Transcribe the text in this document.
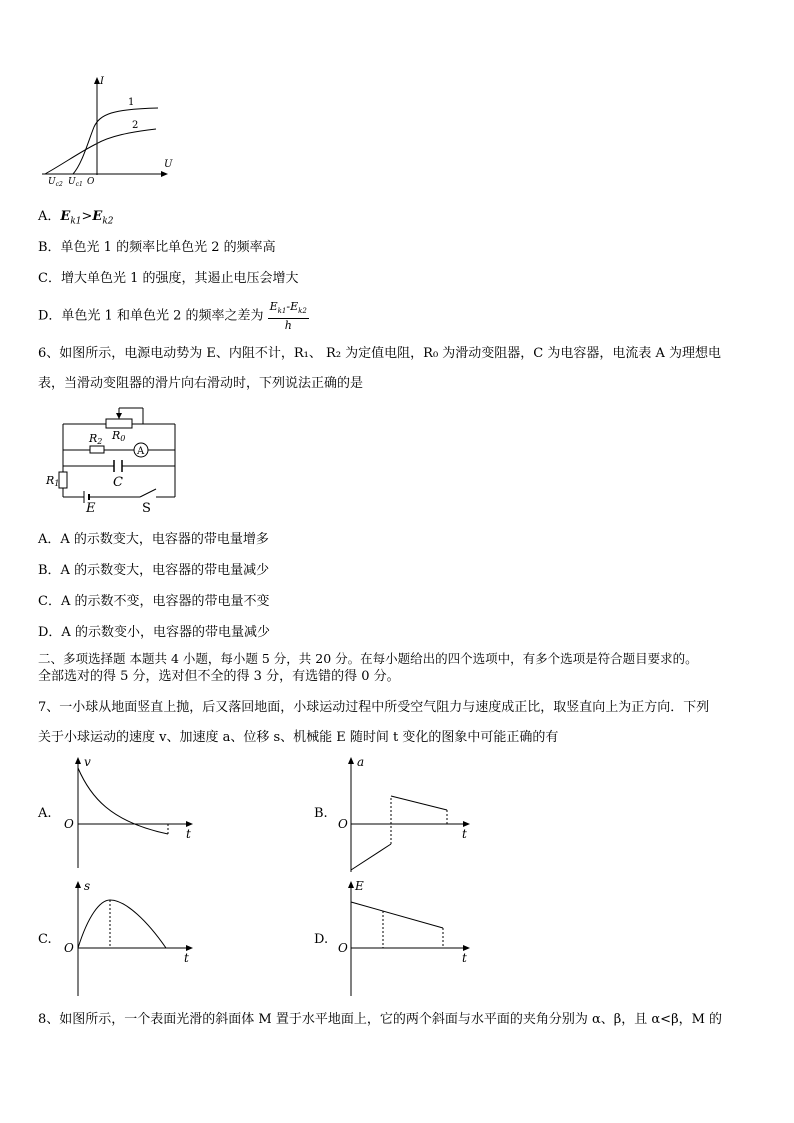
I
U
1
2
O
$U_{c2}$ $U_{c1}$
A．$E_{k1}>E_{k2}$
B．单色光 1 的频率比单色光 2 的频率高
C．增大单色光 1 的强度，其遏止电压会增大
D．单色光 1 和单色光 2 的频率之差为 $\frac{E_{k1}-E_{k2}}{h}$
6、如图所示，电源电动势为 E、内阻不计，R₁、 R₂ 为定值电阻，R₀ 为滑动变阻器，C 为电容器，电流表 A 为理想电
表，当滑动变阻器的滑片向右滑动时，下列说法正确的是
R0
R2
A
C
R1
E	S
A．A 的示数变大，电容器的带电量增多
B．A 的示数变大，电容器的带电量减少
C．A 的示数不变，电容器的带电量不变
D．A 的示数变小，电容器的带电量减少
二、多项选择题 本题共 4 小题，每小题 5 分，共 20 分。在每小题给出的四个选项中，有多个选项是符合题目要求的。
全部选对的得 5 分，选对但不全的得 3 分，有选错的得 0 分。
7、一小球从地面竖直上抛，后又落回地面，小球运动过程中所受空气阻力与速度成正比，取竖直向上为正方向．下列
关于小球运动的速度 v、加速度 a、位移 s、机械能 E 随时间 t 变化的图象中可能正确的有
A.
v
O
t
B.
a
O
t
C.
s
O
t
D.
E
O
t
8、如图所示，一个表面光滑的斜面体 M 置于水平地面上，它的两个斜面与水平面的夹角分别为 α、β，且 α<β，M 的
